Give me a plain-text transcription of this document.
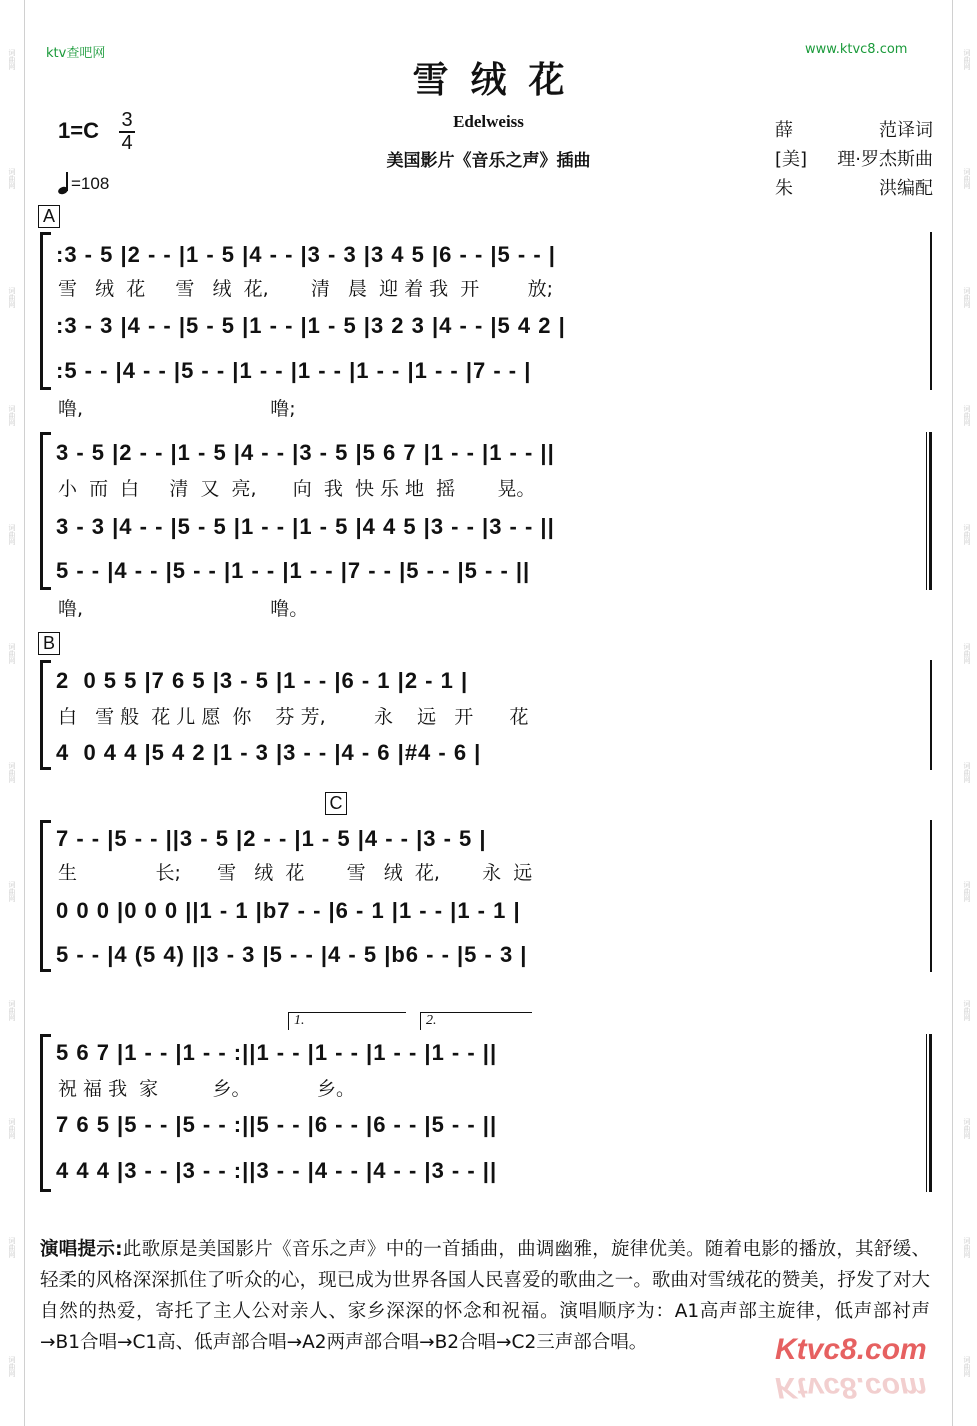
词曲网
词曲网
词曲网
词曲网
词曲网
词曲网
词曲网
词曲网
词曲网
词曲网
词曲网
词曲网
词曲网
词曲网
词曲网
词曲网
词曲网
词曲网
词曲网
词曲网
词曲网
词曲网
词曲网
词曲网
ktv查吧网	www.ktvc8.com
雪绒花
Edelweiss
美国影片《音乐之声》插曲
1=C 3
4
=108
薛	范译词
[美] 理·罗杰斯曲
朱	洪编配
A
B
C
:3 - 5 |2 - - |1 - 5 |4 - - |3 - 3 |3 4 5 |6 - - |5 - - |
雪   绒  花     雪   绒  花,       清   晨  迎 着 我  开        放;
:3 - 3 |4 - - |5 - 5 |1 - - |1 - 5 |3 2 3 |4 - - |5 4 2 |
:5 - - |4 - - |5 - - |1 - - |1 - - |1 - - |1 - - |7 - - |
噜,                               噜;
3 - 5 |2 - - |1 - 5 |4 - - |3 - 5 |5 6 7 |1 - - |1 - - ||
小  而  白     清  又  亮,      向  我  快 乐 地  摇       晃。
3 - 3 |4 - - |5 - 5 |1 - - |1 - 5 |4 4 5 |3 - - |3 - - ||
5 - - |4 - - |5 - - |1 - - |1 - - |7 - - |5 - - |5 - - ||
噜,                               噜。
2  0 5 5 |7 6 5 |3 - 5 |1 - - |6 - 1 |2 - 1 |
白   雪 般  花 儿 愿  你    芬 芳,        永    远   开      花
4  0 4 4 |5 4 2 |1 - 3 |3 - - |4 - 6 |#4 - 6 |
7 - - |5 - - ||3 - 5 |2 - - |1 - 5 |4 - - |3 - 5 |
生             长;      雪   绒  花       雪   绒  花,       永  远
0 0 0 |0 0 0 ||1 - 1 |b7 - - |6 - 1 |1 - - |1 - 1 |
5 - - |4 (5 4) ||3 - 3 |5 - - |4 - 5 |b6 - - |5 - 3 |
1.	2.
5 6 7 |1 - - |1 - - :||1 - - |1 - - |1 - - |1 - - ||
祝 福 我  家         乡。           乡。
7 6 5 |5 - - |5 - - :||5 - - |6 - - |6 - - |5 - - ||
4 4 4 |3 - - |3 - - :||3 - - |4 - - |4 - - |3 - - ||
演唱提示:此歌原是美国影片《音乐之声》中的一首插曲，曲调幽雅，旋律优美。随着电影的播放，其舒缓、轻柔的风格深深抓住了听众的心，现已成为世界各国人民喜爱的歌曲之一。歌曲对雪绒花的赞美，抒发了对大自然的热爱，寄托了主人公对亲人、家乡深深的怀念和祝福。演唱顺序为：A1高声部主旋律，低声部衬声→B1合唱→C1高、低声部合唱→A2两声部合唱→B2合唱→C2三声部合唱。	Ktvc8.com
Ktvc8.com
